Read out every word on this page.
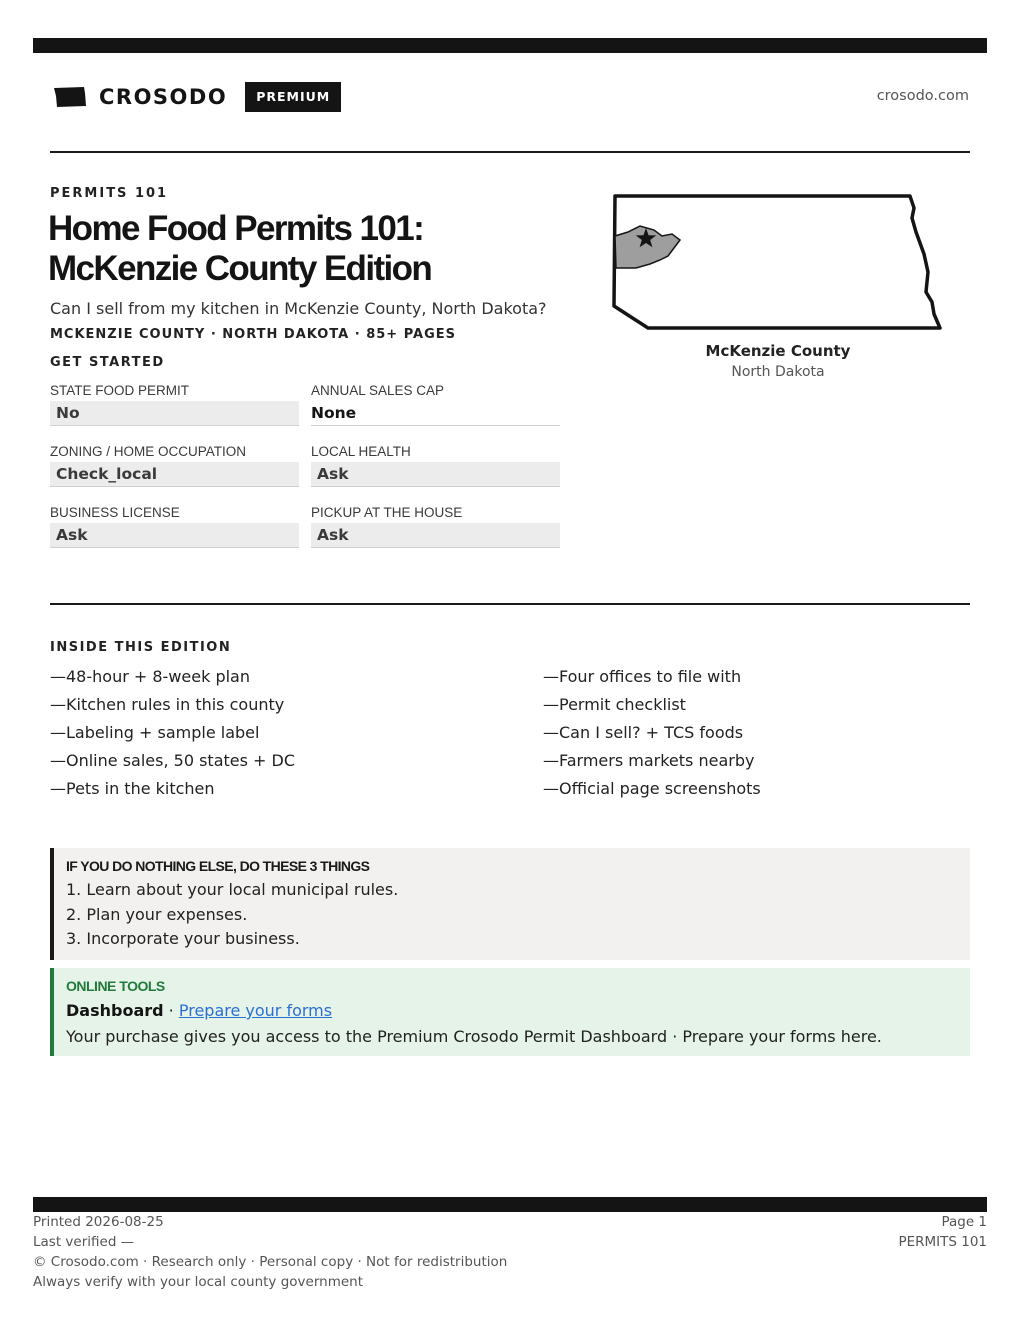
CROSODO	PREMIUM	crosodo.com
PERMITS 101
Home Food Permits 101:
McKenzie County Edition
Can I sell from my kitchen in McKenzie County, North Dakota?
MCKENZIE COUNTY · NORTH DAKOTA · 85+ PAGES
GET STARTED
STATE FOOD PERMIT
No
ANNUAL SALES CAP
None
ZONING / HOME OCCUPATION
Check_local
LOCAL HEALTH
Ask
BUSINESS LICENSE
Ask
PICKUP AT THE HOUSE
Ask
McKenzie County
North Dakota
INSIDE THIS EDITION
—48-hour + 8-week plan
—Kitchen rules in this county
—Labeling + sample label
—Online sales, 50 states + DC
—Pets in the kitchen
—Four offices to file with
—Permit checklist
—Can I sell? + TCS foods
—Farmers markets nearby
—Official page screenshots
IF YOU DO NOTHING ELSE, DO THESE 3 THINGS
1. Learn about your local municipal rules.
2. Plan your expenses.
3. Incorporate your business.
ONLINE TOOLS
Dashboard · Prepare your forms
Your purchase gives you access to the Premium Crosodo Permit Dashboard · Prepare your forms here.
Printed 2026-08-25
Last verified —
© Crosodo.com · Research only · Personal copy · Not for redistribution
Always verify with your local county government
Page 1
PERMITS 101
